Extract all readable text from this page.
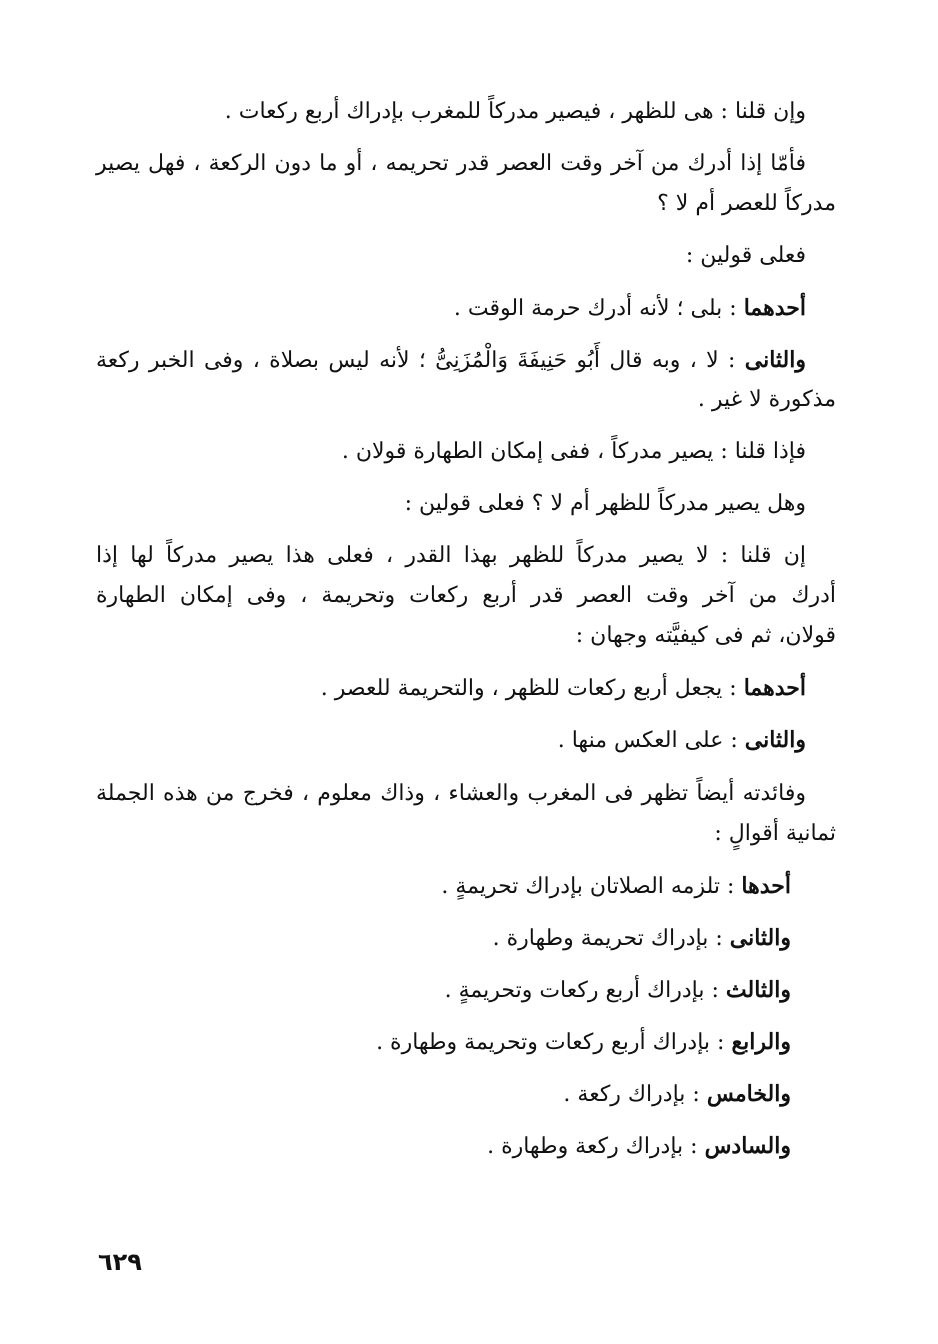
وإن قلنا : هى للظهر ، فيصير مدركاً للمغرب بإدراك أربع ركعات .
فأمّا إذا أدرك من آخر وقت العصر قدر تحريمه ، أو ما دون الركعة ، فهل يصير
مدركاً للعصر أم لا ؟
فعلى قولين :
أحدهما : بلى ؛ لأنه أدرك حرمة الوقت .
والثانى : لا ، وبه قال أَبُو حَنِيفَةَ وَالْمُزَنِىُّ ؛ لأنه ليس بصلاة ، وفى الخبر ركعة
مذكورة لا غير .
فإذا قلنا : يصير مدركاً ، ففى إمكان الطهارة قولان .
وهل يصير مدركاً للظهر أم لا ؟ فعلى قولين :
إن قلنا : لا يصير مدركاً للظهر بهذا القدر ، فعلى هذا يصير مدركاً لها إذا
أدرك من آخر وقت العصر قدر أربع ركعات وتحريمة ، وفى إمكان الطهارة
قولان، ثم فى كيفيَّته وجهان :
أحدهما : يجعل أربع ركعات للظهر ، والتحريمة للعصر .
والثانى : على العكس منها .
وفائدته أيضاً تظهر فى المغرب والعشاء ، وذاك معلوم ، فخرج من هذه الجملة
ثمانية أقوالٍ :
أحدها : تلزمه الصلاتان بإدراك تحريمةٍ .
والثانى : بإدراك تحريمة وطهارة .
والثالث : بإدراك أربع ركعات وتحريمةٍ .
والرابع : بإدراك أربع ركعات وتحريمة وطهارة .
والخامس : بإدراك ركعة .
والسادس : بإدراك ركعة وطهارة .
٦٢٩
